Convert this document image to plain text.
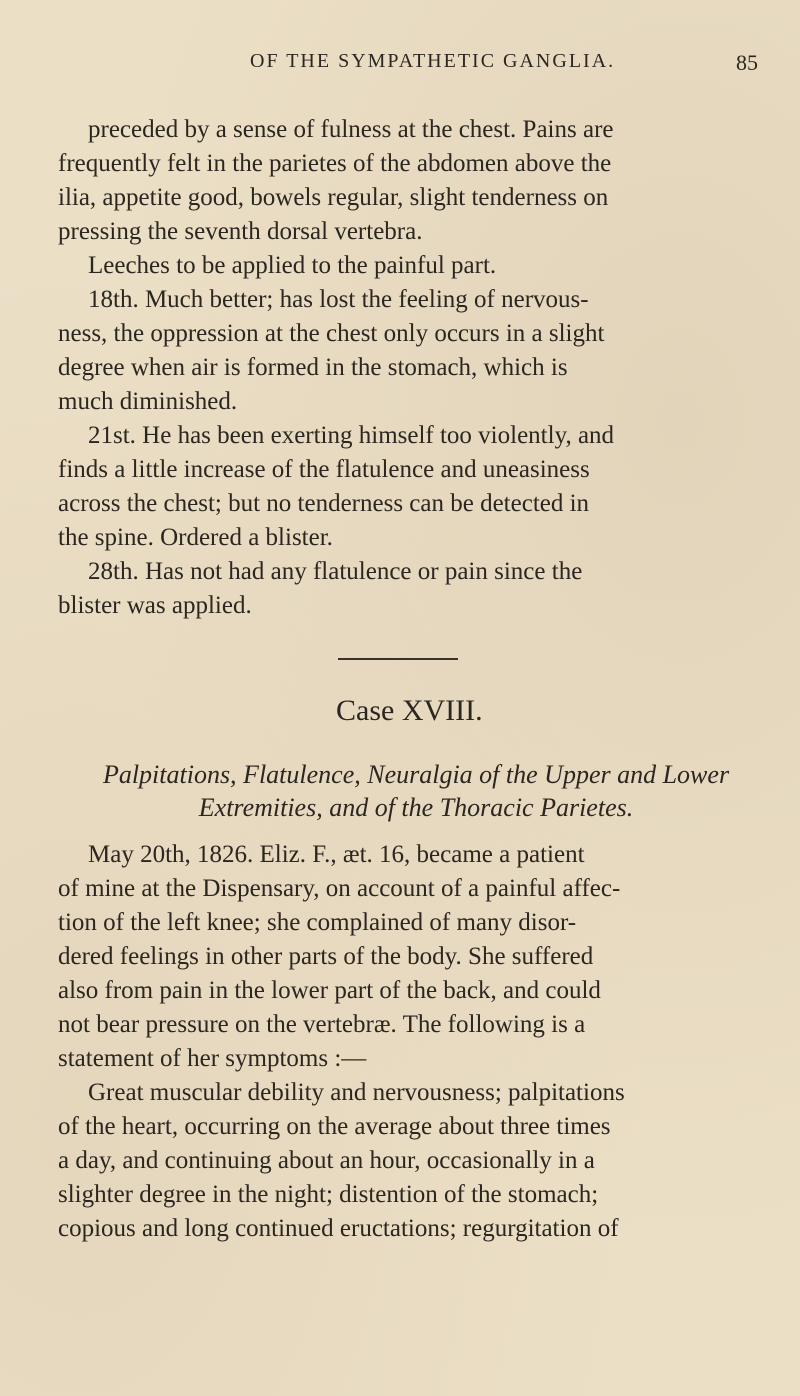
OF THE SYMPATHETIC GANGLIA.	85

preceded by a sense of fulness at the chest. Pains are
frequently felt in the parietes of the abdomen above the
ilia, appetite good, bowels regular, slight tenderness on
pressing the seventh dorsal vertebra.

Leeches to be applied to the painful part.

18th. Much better; has lost the feeling of nervous-
ness, the oppression at the chest only occurs in a slight
degree when air is formed in the stomach, which is
much diminished.

21st. He has been exerting himself too violently, and
finds a little increase of the flatulence and uneasiness
across the chest; but no tenderness can be detected in
the spine. Ordered a blister.

28th. Has not had any flatulence or pain since the
blister was applied.

Case XVIII.
Palpitations, Flatulence, Neuralgia of the Upper and Lower
Extremities, and of the Thoracic Parietes.

May 20th, 1826. Eliz. F., æt. 16, became a patient
of mine at the Dispensary, on account of a painful affec-
tion of the left knee; she complained of many disor-
dered feelings in other parts of the body. She suffered
also from pain in the lower part of the back, and could
not bear pressure on the vertebræ. The following is a
statement of her symptoms :—

Great muscular debility and nervousness; palpitations
of the heart, occurring on the average about three times
a day, and continuing about an hour, occasionally in a
slighter degree in the night; distention of the stomach;
copious and long continued eructations; regurgitation of
